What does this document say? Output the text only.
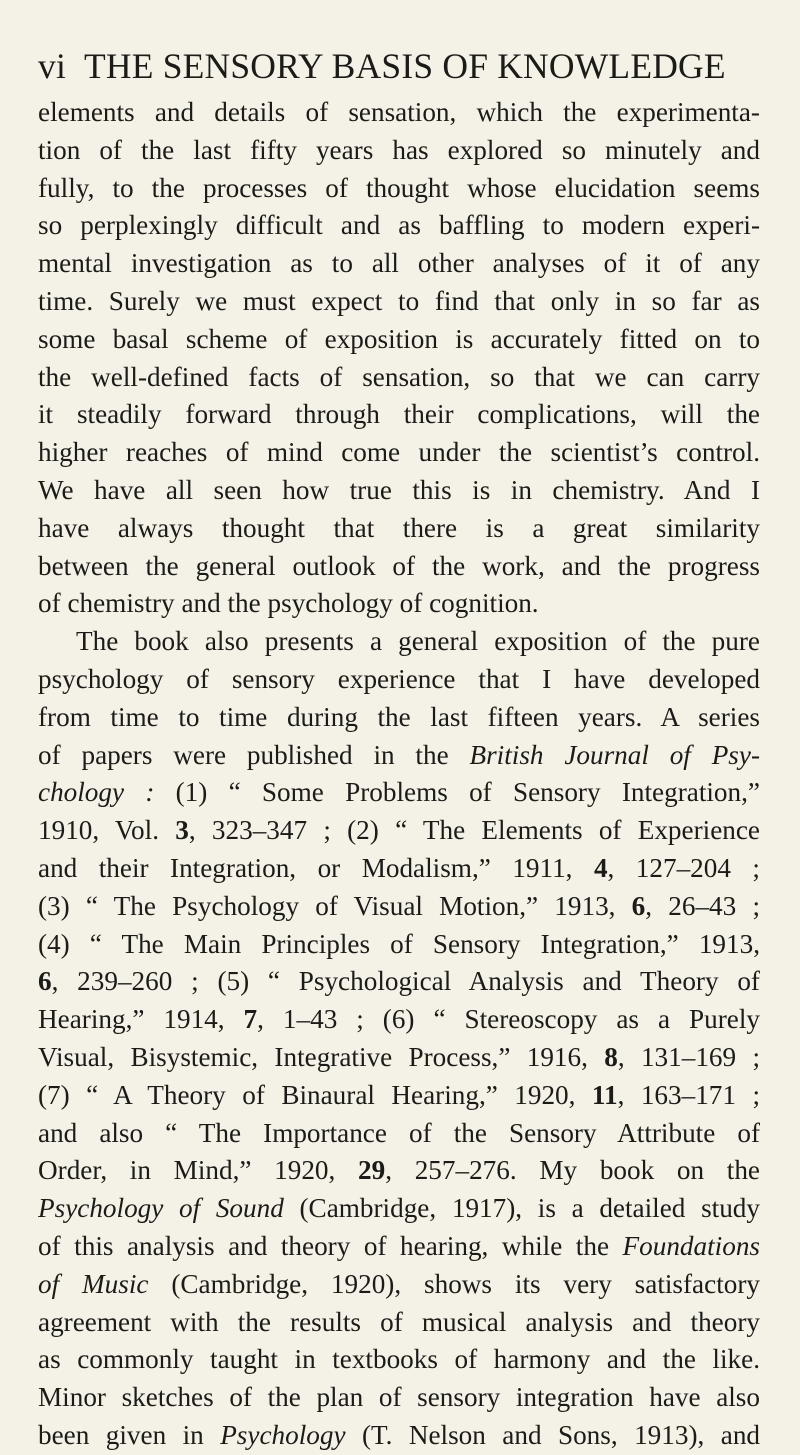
vi THE SENSORY BASIS OF KNOWLEDGE
elements and details of sensation, which the experimenta-
tion of the last fifty years has explored so minutely and
fully, to the processes of thought whose elucidation seems
so perplexingly difficult and as baffling to modern experi-
mental investigation as to all other analyses of it of any
time. Surely we must expect to find that only in so far as
some basal scheme of exposition is accurately fitted on to
the well-defined facts of sensation, so that we can carry
it steadily forward through their complications, will the
higher reaches of mind come under the scientist’s control.
We have all seen how true this is in chemistry. And I
have always thought that there is a great similarity
between the general outlook of the work, and the progress
of chemistry and the psychology of cognition.
The book also presents a general exposition of the pure
psychology of sensory experience that I have developed
from time to time during the last fifteen years. A series
of papers were published in the British Journal of Psy-
chology : (1) “ Some Problems of Sensory Integration,”
1910, Vol. 3, 323–347 ; (2) “ The Elements of Experience
and their Integration, or Modalism,” 1911, 4, 127–204 ;
(3) “ The Psychology of Visual Motion,” 1913, 6, 26–43 ;
(4) “ The Main Principles of Sensory Integration,” 1913,
6, 239–260 ; (5) “ Psychological Analysis and Theory of
Hearing,” 1914, 7, 1–43 ; (6) “ Stereoscopy as a Purely
Visual, Bisystemic, Integrative Process,” 1916, 8, 131–169 ;
(7) “ A Theory of Binaural Hearing,” 1920, 11, 163–171 ;
and also “ The Importance of the Sensory Attribute of
Order, in Mind,” 1920, 29, 257–276. My book on the
Psychology of Sound (Cambridge, 1917), is a detailed study
of this analysis and theory of hearing, while the Foundations
of Music (Cambridge, 1920), shows its very satisfactory
agreement with the results of musical analysis and theory
as commonly taught in textbooks of harmony and the like.
Minor sketches of the plan of sensory integration have also
been given in Psychology (T. Nelson and Sons, 1913), and
